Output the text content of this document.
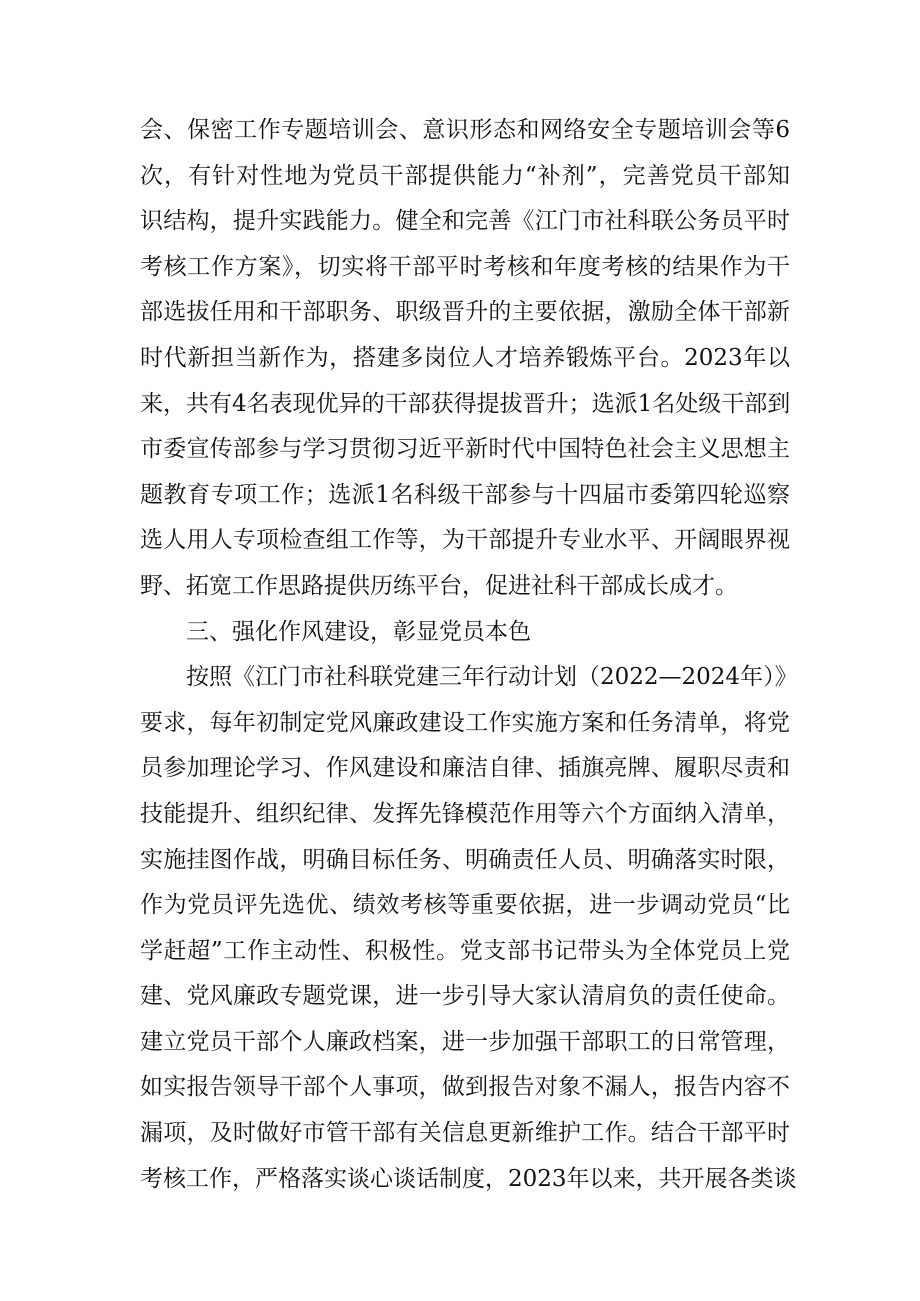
会、保密工作专题培训会、意识形态和网络安全专题培训会等6
次，有针对性地为党员干部提供能力“补剂”，完善党员干部知
识结构，提升实践能力。健全和完善《江门市社科联公务员平时
考核工作方案》，切实将干部平时考核和年度考核的结果作为干
部选拔任用和干部职务、职级晋升的主要依据，激励全体干部新
时代新担当新作为，搭建多岗位人才培养锻炼平台。2023年以
来，共有4名表现优异的干部获得提拔晋升；选派1名处级干部到
市委宣传部参与学习贯彻习近平新时代中国特色社会主义思想主
题教育专项工作；选派1名科级干部参与十四届市委第四轮巡察
选人用人专项检查组工作等，为干部提升专业水平、开阔眼界视
野、拓宽工作思路提供历练平台，促进社科干部成长成才。
三、强化作风建设，彰显党员本色
按照《江门市社科联党建三年行动计划（2022—2024年）》
要求，每年初制定党风廉政建设工作实施方案和任务清单，将党
员参加理论学习、作风建设和廉洁自律、插旗亮牌、履职尽责和
技能提升、组织纪律、发挥先锋模范作用等六个方面纳入清单，
实施挂图作战，明确目标任务、明确责任人员、明确落实时限，
作为党员评先选优、绩效考核等重要依据，进一步调动党员“比
学赶超”工作主动性、积极性。党支部书记带头为全体党员上党
建、党风廉政专题党课，进一步引导大家认清肩负的责任使命。
建立党员干部个人廉政档案，进一步加强干部职工的日常管理，
如实报告领导干部个人事项，做到报告对象不漏人，报告内容不
漏项，及时做好市管干部有关信息更新维护工作。结合干部平时
考核工作，严格落实谈心谈话制度，2023年以来，共开展各类谈
